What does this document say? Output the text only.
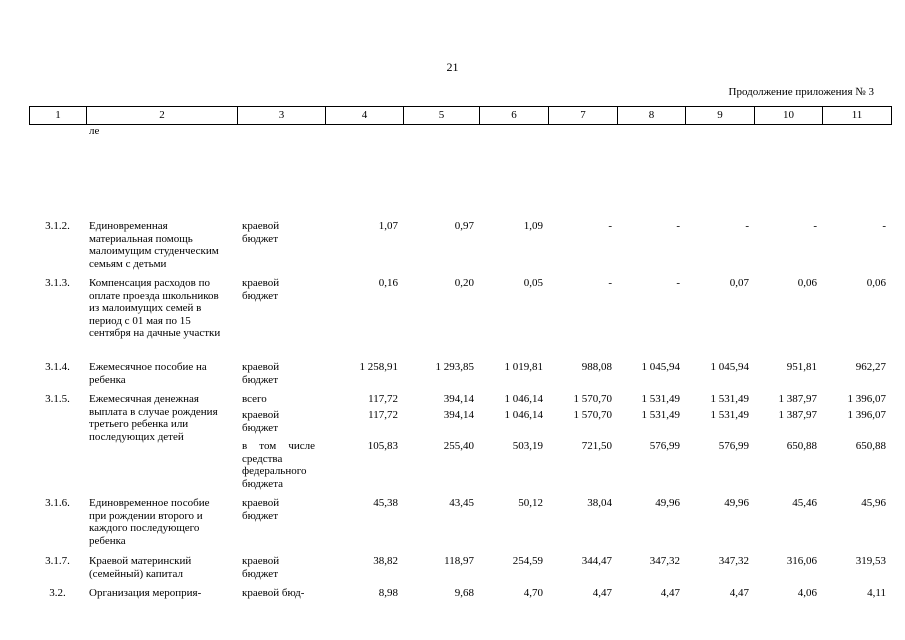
21
Продолжение приложения № 3
1	2	3	4	5	6	7	8	9	10	11
	ле									
3.1.2.	Единовременная материальная помощь малоимущим студенческим семьям с детьми	краевой бюджет	1,07	0,97	1,09	-	-	-	-	-
3.1.3.	Компенсация расходов по оплате проезда школьников из малоимущих семей в период с 01 мая по 15 сентября на дачные участки	краевой бюджет	0,16	0,20	0,05	-	-	0,07	0,06	0,06
3.1.4.	Ежемесячное пособие на ребенка	краевой бюджет	1 258,91	1 293,85	1 019,81	988,08	1 045,94	1 045,94	951,81	962,27
3.1.5.	Ежемесячная денежная выплата в случае рождения третьего ребенка или последующих детей	всего	117,72	394,14	1 046,14	1 570,70	1 531,49	1 531,49	1 387,97	1 396,07
		краевой бюджет	117,72	394,14	1 046,14	1 570,70	1 531,49	1 531,49	1 387,97	1 396,07
		в том числе средства федерального бюджета	105,83	255,40	503,19	721,50	576,99	576,99	650,88	650,88
3.1.6.	Единовременное пособие при рождении второго и каждого последующего ребенка	краевой бюджет	45,38	43,45	50,12	38,04	49,96	49,96	45,46	45,96
3.1.7.	Краевой материнский (семейный) капитал	краевой бюджет	38,82	118,97	254,59	344,47	347,32	347,32	316,06	319,53
3.2.	Организация мероприя-	краевой бюд-	8,98	9,68	4,70	4,47	4,47	4,47	4,06	4,11
